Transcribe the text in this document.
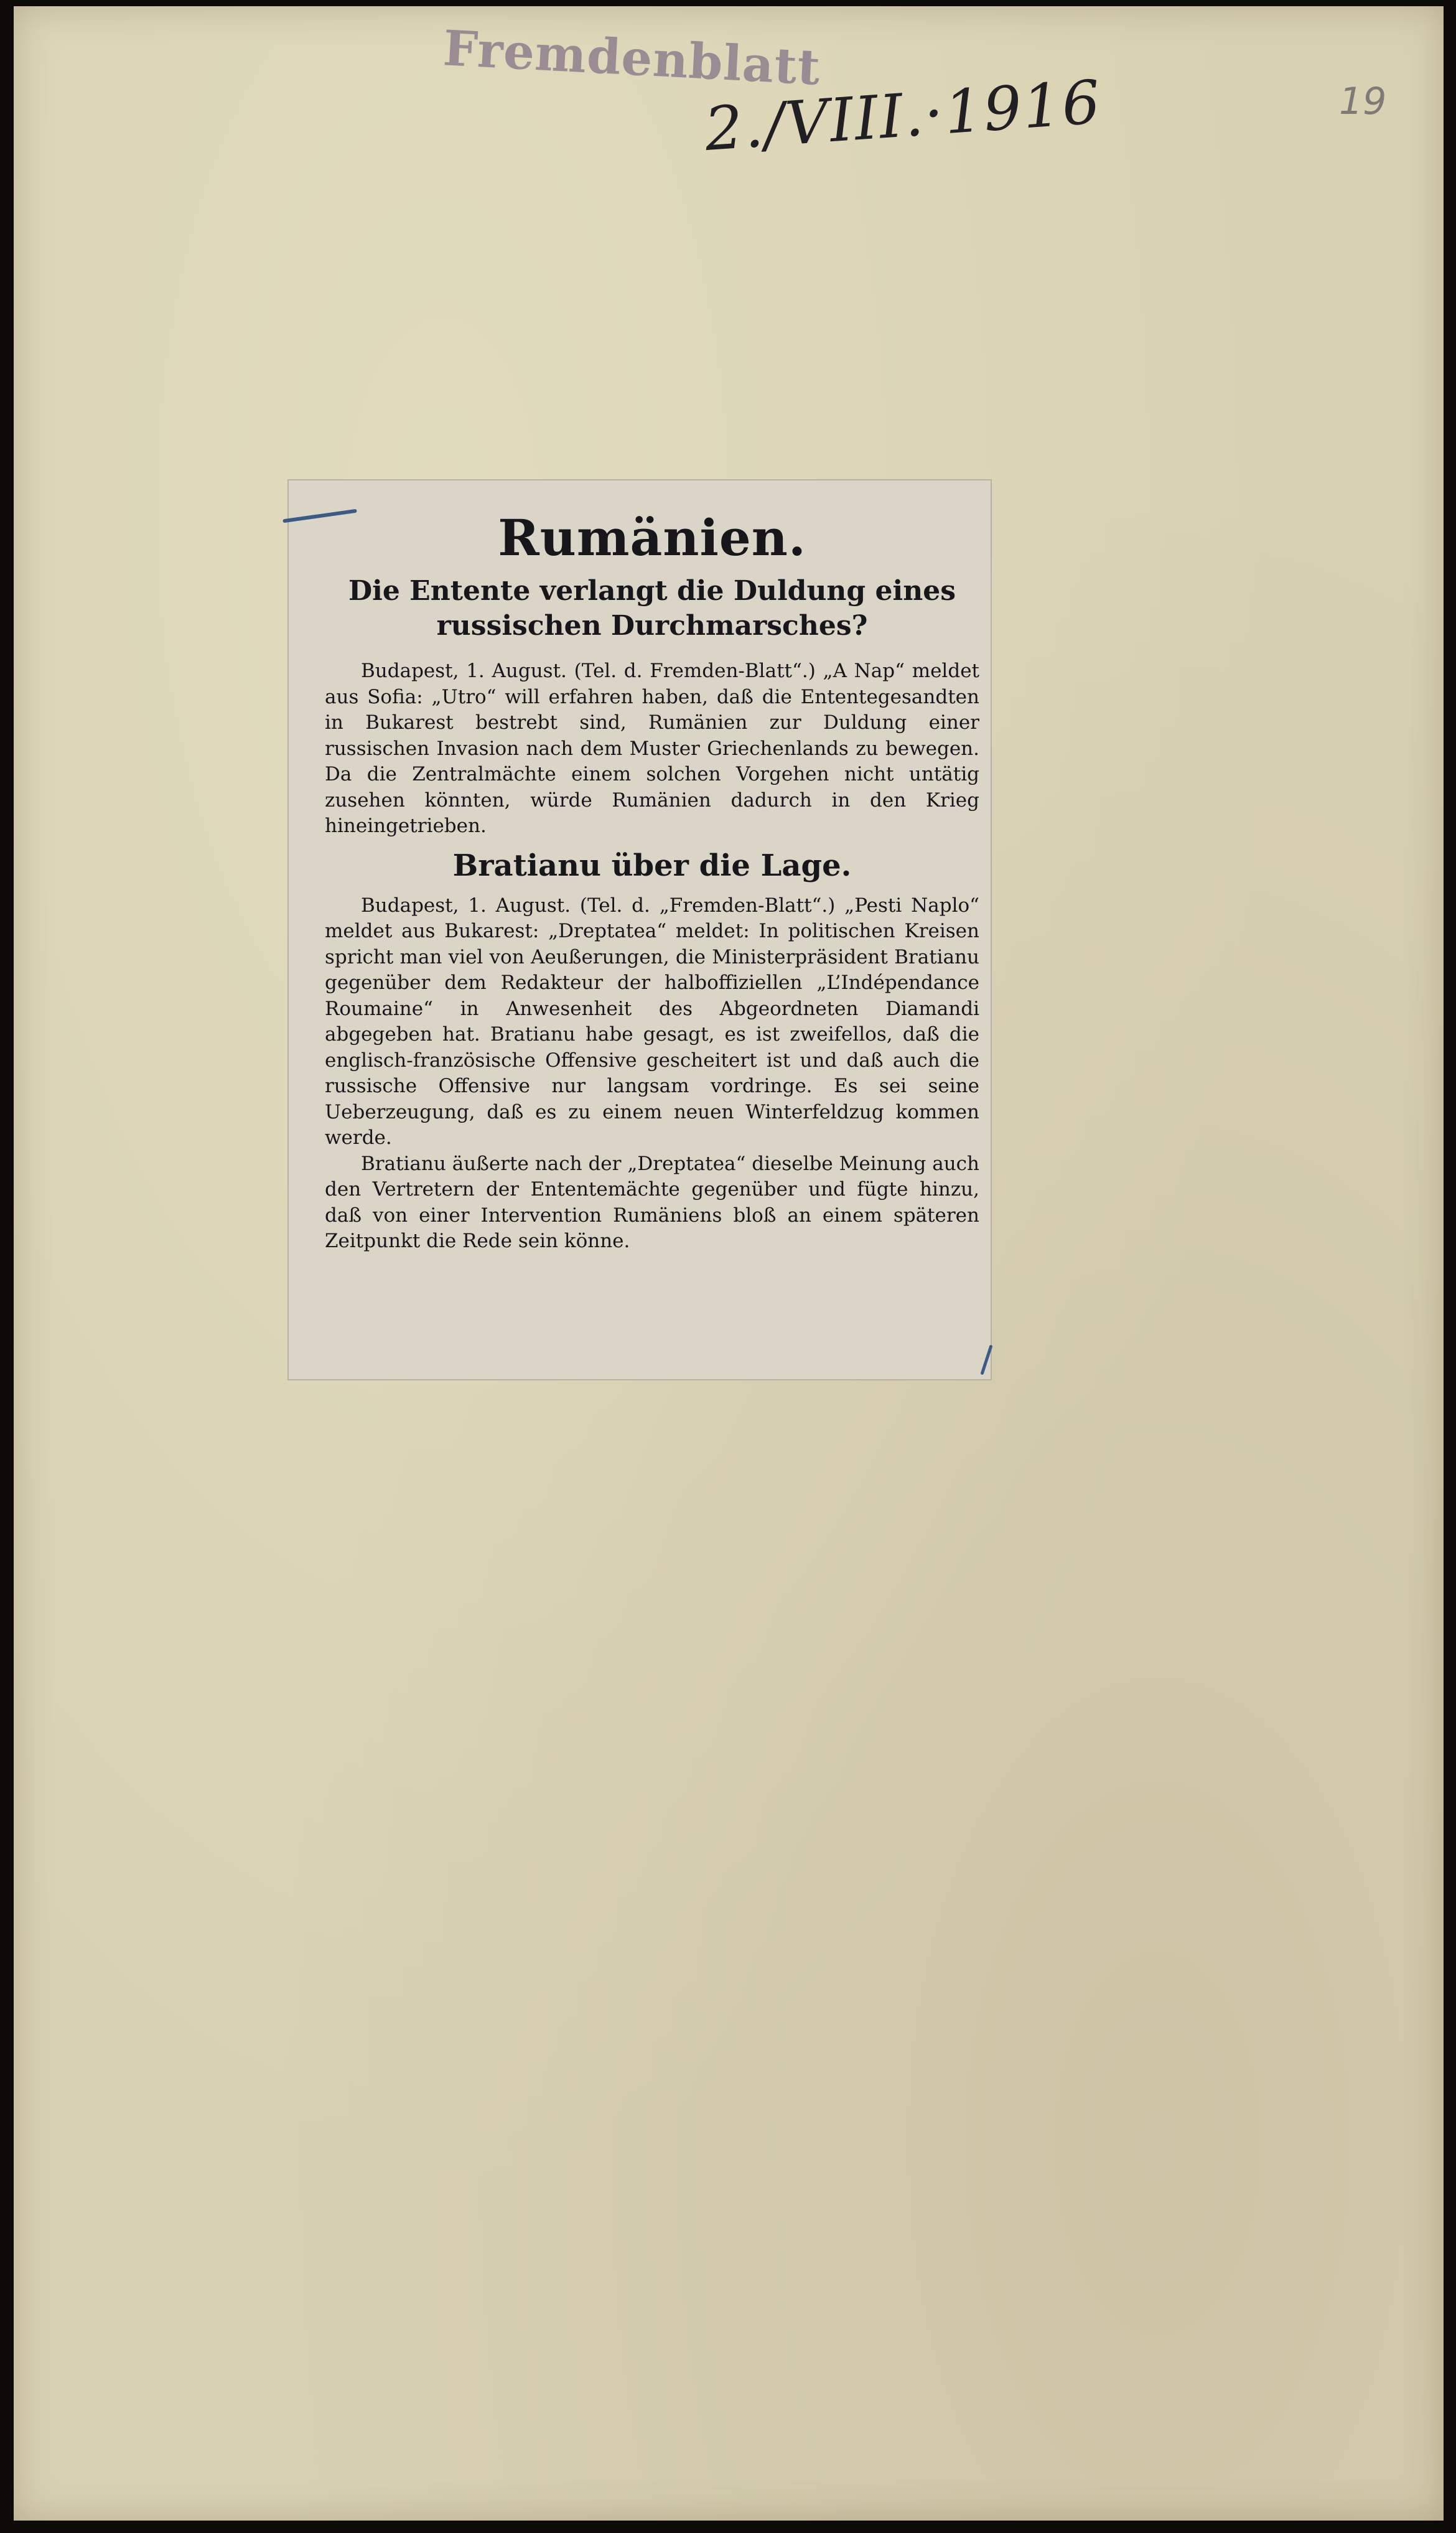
Fremdenblatt
2./VIII.·1916	19
Rumänien.
Die Entente verlangt die Duldung eines russischen Durchmarsches?

Budapest, 1. August. (Tel. d. Fremden-Blatt“.) „A Nap“ meldet aus Sofia: „Utro“ will erfahren haben, daß die Ententegesandten in Bukarest bestrebt sind, Rumänien zur Duldung einer russischen Invasion nach dem Muster Griechenlands zu bewegen. Da die Zentralmächte einem solchen Vorgehen nicht untätig zusehen könnten, würde Rumänien dadurch in den Krieg hineingetrieben.

Bratianu über die Lage.

Budapest, 1. August. (Tel. d. „Fremden-Blatt“.) „Pesti Naplo“ meldet aus Bukarest: „Dreptatea“ meldet: In politischen Kreisen spricht man viel von Aeußerungen, die Ministerpräsident Bratianu gegenüber dem Redakteur der halboffiziellen „L’Indépendance Roumaine“ in Anwesenheit des Abgeordneten Diamandi abgegeben hat. Bratianu habe gesagt, es ist zweifellos, daß die englisch-französische Offensive gescheitert ist und daß auch die russische Offensive nur langsam vordringe. Es sei seine Ueberzeugung, daß es zu einem neuen Winterfeldzug kommen werde.

Bratianu äußerte nach der „Dreptatea“ dieselbe Meinung auch den Vertretern der Ententemächte gegenüber und fügte hinzu, daß von einer Intervention Rumäniens bloß an einem späteren Zeitpunkt die Rede sein könne.
